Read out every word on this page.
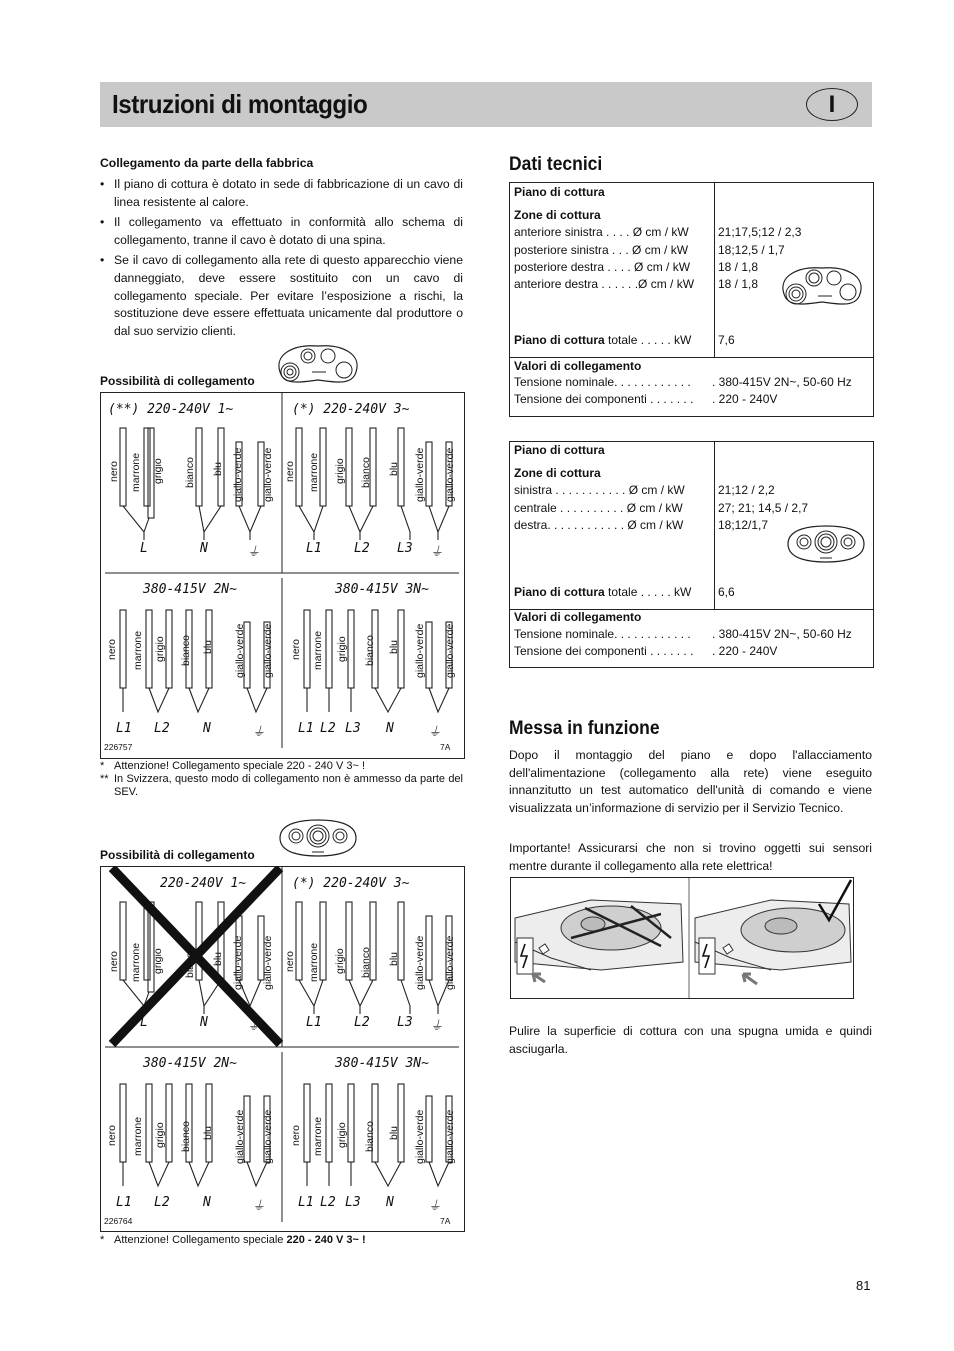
Istruzioni di montaggio	I
Collegamento da parte della fabbrica
• Il piano di cottura è dotato in sede di fabbricazione di un cavo di linea resistente al calore.
• Il collegamento va effettuato in conformità allo schema di collegamento, tranne il cavo è dotato di una spina.
• Se il cavo di collegamento alla rete di questo apparecchio viene danneggiato, deve essere sostituito con un cavo di collegamento speciale. Per evitare l’esposizione a rischi, la sostituzione deve essere effettuata unicamente dal produttore o dal suo servizio clienti.
Possibilità di collegamento
(**) 220-240V 1~	(*) 220-240V 3~
380-415V 2N~	380-415V 3N~
nero marrone grigio bianco blu giallo-verde giallo-verde nero marrone grigio bianco blu giallo-verde giallo-verde
nero marrone grigio bianco blu giallo-verde giallo-verde nero marrone grigio bianco blu giallo-verde giallo-verde
L	N	⏚	L1 L2 L3 ⏚
L1 L2	N	⏚	L1 L2 L3 N	⏚
226757	7A
* Attenzione! Collegamento speciale 220 - 240 V 3~ !
** In Svizzera, questo modo di collegamento non è ammesso da parte del SEV.
Possibilità di collegamento
220-240V 1~	(*) 220-240V 3~
380-415V 2N~	380-415V 3N~
nero marrone grigio	blu giallo-verde giallo-verde nero marrone grigio bianco blu giallo-verde giallo-verde
nero marrone grigio bianco blu giallo-verde giallo-verde nero marrone grigio bianco blu giallo-verde giallo-verde
L	N	⏚	L1 L2 L3 ⏚
L1 L2	N	⏚	L1 L2 L3 N	⏚
226764	7A
* Attenzione! Collegamento speciale 220 - 240 V 3~ !
Dati tecnici
Piano di cottura
Zone di cottura
anteriore sinistra . . . . Ø cm / kW 21;17,5;12 / 2,3
posteriore sinistra . . . Ø cm / kW 18;12,5 / 1,7
posteriore destra . . . . Ø cm / kW 18 / 1,8
anteriore destra . . . . . .Ø cm / kW 18 / 1,8
Piano di cottura totale . . . . . kW 7,6
Valori di collegamento
Tensione nominale. . . . . . . . . . . . . 380-415V 2N~, 50-60 Hz
Tensione dei componenti . . . . . . . . 220 - 240V
Piano di cottura
Zone di cottura
sinistra . . . . . . . . . . . Ø cm / kW	21;12 / 2,2
centrale . . . . . . . . . . Ø cm / kW	27; 21; 14,5 / 2,7
destra. . . . . . . . . . . . Ø cm / kW	18;12/1,7
Piano di cottura totale . . . . . kW 6,6
Valori di collegamento
Tensione nominale. . . . . . . . . . . . . 380-415V 2N~, 50-60 Hz
Tensione dei componenti . . . . . . . . 220 - 240V
Messa in funzione
Dopo il montaggio del piano e dopo l'allacciamento dell'alimentazione (collegamento alla rete) viene eseguito innanzitutto un test automatico dell'unità di comando e viene visualizzata un’informazione di servizio per il Servizio Tecnico.
Importante! Assicurarsi che non si trovino oggetti sui sensori mentre durante il collegamento alla rete elettrica!
Pulire la superficie di cottura con una spugna umida e quindi asciugarla.
81
